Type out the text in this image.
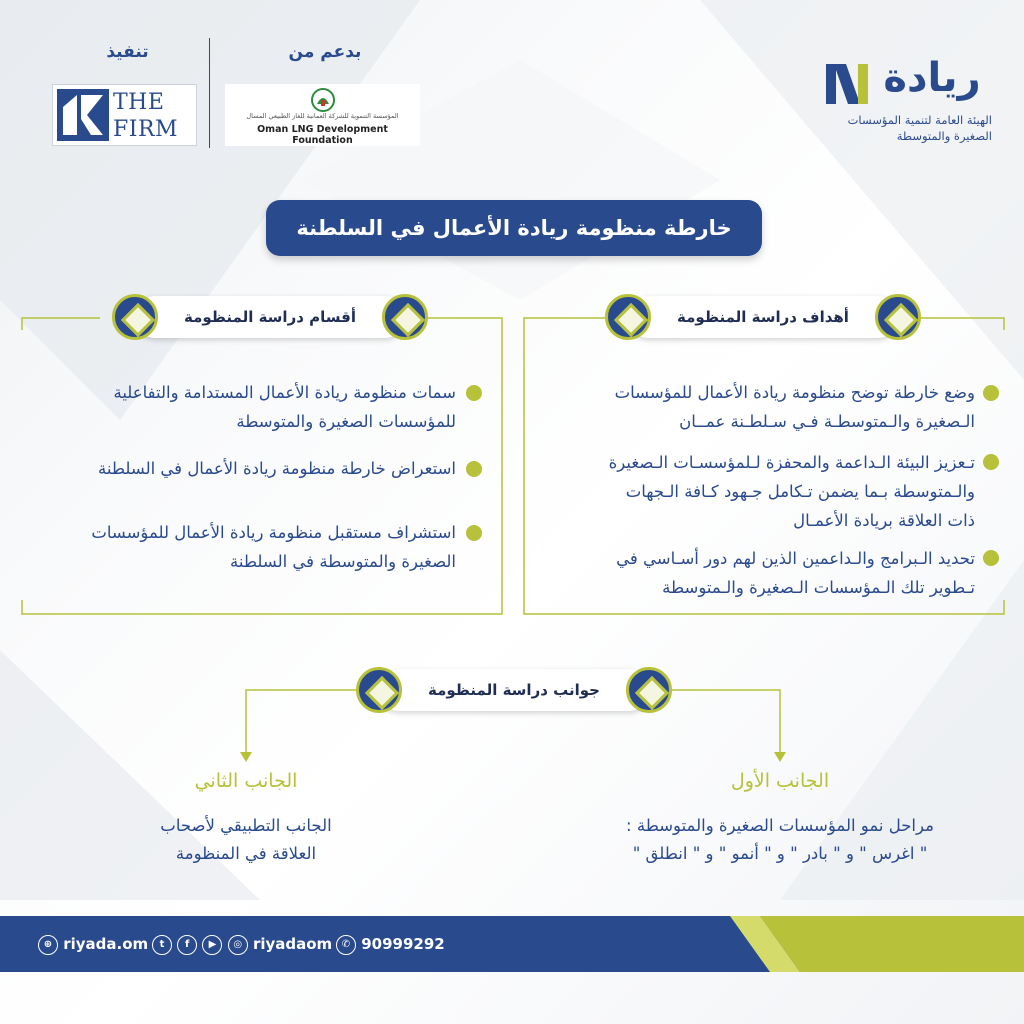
ريادة
الهيئة العامة لتنمية المؤسسات
الصغيرة والمتوسطة
تنفيذ
THE
FIRM
بدعم من
المؤسسة التنموية للشركة العمانية للغاز الطبيعي المسال
Oman LNG Development Foundation
خارطة منظومة ريادة الأعمال في السلطنة
أهداف دراسة المنظومة
وضع خارطة توضح منظومة ريادة الأعمال للمؤسسات
الـصغيرة والـمتوسطـة فـي سـلطـنة عمــان
تـعزيز البيئة الـداعمة والمحفزة لـلمؤسسـات الـصغيرة
والـمتوسطة بـما يضمن تـكامل جـهود كـافة الـجهات
ذات العلاقة بريادة الأعمـال
تحديد الـبرامج والـداعمين الذين لهم دور أسـاسي في
تـطوير تلك الـمؤسسات الـصغيرة والـمتوسطة
أقسام دراسة المنظومة
سمات منظومة ريادة الأعمال المستدامة والتفاعلية
للمؤسسات الصغيرة والمتوسطة
استعراض خارطة منظومة ريادة الأعمال في السلطنة
استشراف مستقبل منظومة ريادة الأعمال للمؤسسات
الصغيرة والمتوسطة في السلطنة
جوانب دراسة المنظومة
الجانب الأول
مراحل نمو المؤسسات الصغيرة والمتوسطة :
" اغرس " و " بادر " و " أنمو " و " انطلق "
الجانب الثاني
الجانب التطبيقي لأصحاب
العلاقة في المنظومة
⊕ riyada.om	t f ▶ ◎ riyadaom ✆ 90999292
